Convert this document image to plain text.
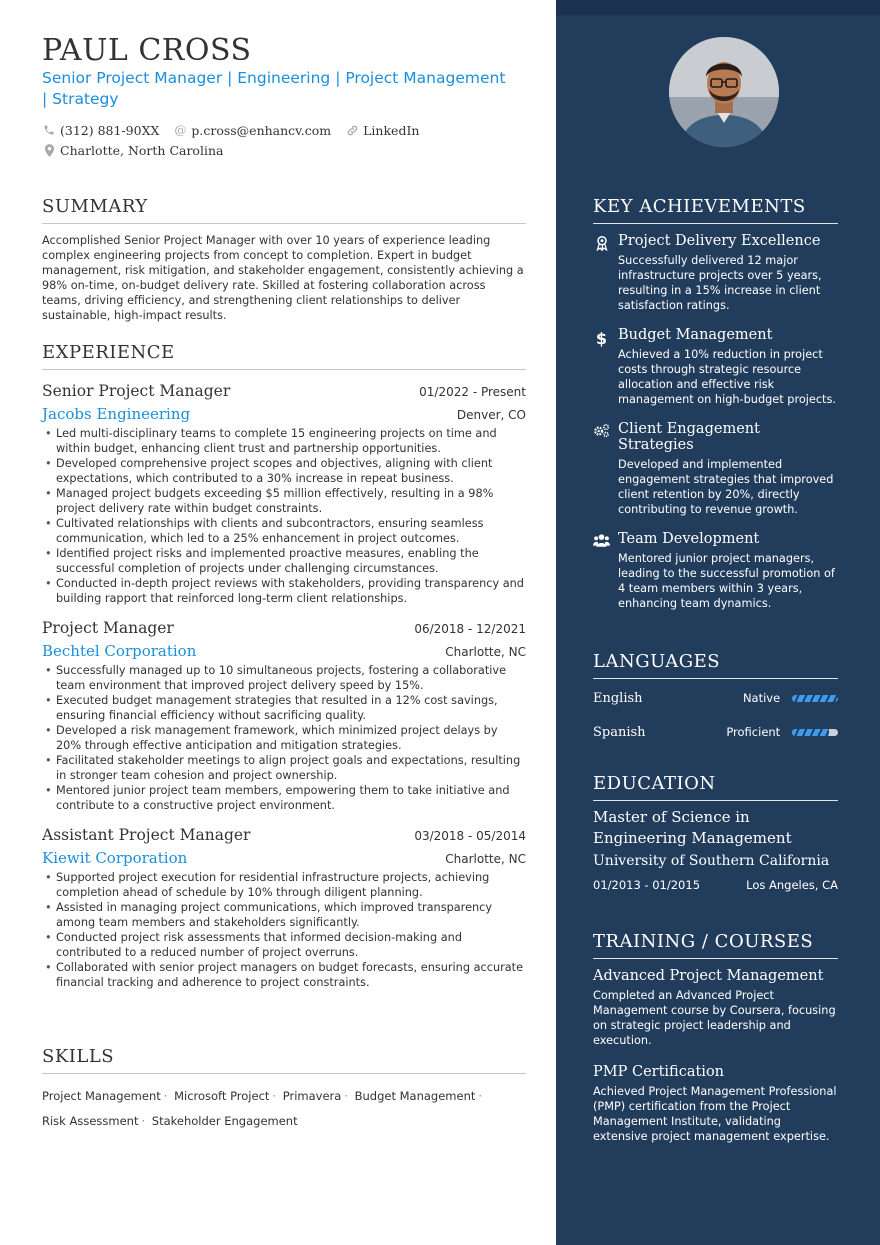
PAUL CROSS
Senior Project Manager | Engineering | Project Management | Strategy
(312) 881-90XX @ p.cross@enhancv.com	LinkedIn
Charlotte, North Carolina
SUMMARY
Accomplished Senior Project Manager with over 10 years of experience leading complex engineering projects from concept to completion. Expert in budget management, risk mitigation, and stakeholder engagement, consistently achieving a 98% on-time, on-budget delivery rate. Skilled at fostering collaboration across teams, driving efficiency, and strengthening client relationships to deliver sustainable, high-impact results.
EXPERIENCE
Senior Project Manager	01/2022 - Present
Jacobs Engineering	Denver, CO
• Led multi-disciplinary teams to complete 15 engineering projects on time and within budget, enhancing client trust and partnership opportunities.
• Developed comprehensive project scopes and objectives, aligning with client expectations, which contributed to a 30% increase in repeat business.
• Managed project budgets exceeding $5 million effectively, resulting in a 98% project delivery rate within budget constraints.
• Cultivated relationships with clients and subcontractors, ensuring seamless communication, which led to a 25% enhancement in project outcomes.
• Identified project risks and implemented proactive measures, enabling the successful completion of projects under challenging circumstances.
• Conducted in-depth project reviews with stakeholders, providing transparency and building rapport that reinforced long-term client relationships.
Project Manager	06/2018 - 12/2021
Bechtel Corporation	Charlotte, NC
• Successfully managed up to 10 simultaneous projects, fostering a collaborative team environment that improved project delivery speed by 15%.
• Executed budget management strategies that resulted in a 12% cost savings, ensuring financial efficiency without sacrificing quality.
• Developed a risk management framework, which minimized project delays by 20% through effective anticipation and mitigation strategies.
• Facilitated stakeholder meetings to align project goals and expectations, resulting in stronger team cohesion and project ownership.
• Mentored junior project team members, empowering them to take initiative and contribute to a constructive project environment.
Assistant Project Manager	03/2018 - 05/2014
Kiewit Corporation	Charlotte, NC
• Supported project execution for residential infrastructure projects, achieving completion ahead of schedule by 10% through diligent planning.
• Assisted in managing project communications, which improved transparency among team members and stakeholders significantly.
• Conducted project risk assessments that informed decision-making and contributed to a reduced number of project overruns.
• Collaborated with senior project managers on budget forecasts, ensuring accurate financial tracking and adherence to project constraints.
SKILLS
Project Management · Microsoft Project · Primavera · Budget Management ·
Risk Assessment · Stakeholder Engagement
KEY ACHIEVEMENTS
Project Delivery Excellence
Successfully delivered 12 major infrastructure projects over 5 years, resulting in a 15% increase in client satisfaction ratings.
$ Budget Management
Achieved a 10% reduction in project costs through strategic resource allocation and effective risk management on high-budget projects.
Client Engagement Strategies
Developed and implemented engagement strategies that improved client retention by 20%, directly contributing to revenue growth.
Team Development
Mentored junior project managers, leading to the successful promotion of 4 team members within 3 years, enhancing team dynamics.
LANGUAGES
English	Native
Spanish	Proficient
EDUCATION
Master of Science in Engineering Management
University of Southern California
01/2013 - 01/2015	Los Angeles, CA
TRAINING / COURSES
Advanced Project Management
Completed an Advanced Project Management course by Coursera, focusing on strategic project leadership and execution.
PMP Certification
Achieved Project Management Professional (PMP) certification from the Project Management Institute, validating extensive project management expertise.
